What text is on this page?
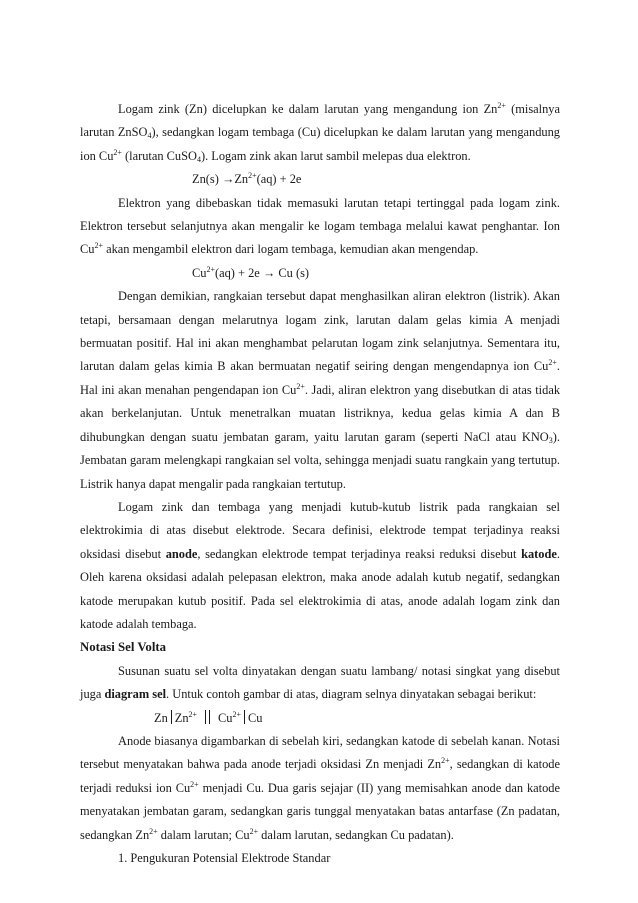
Logam zink (Zn) dicelupkan ke dalam larutan yang mengandung ion $Zn^{2+}$ (misalnya larutan ZnSO$_4$), sedangkan logam tembaga (Cu) dicelupkan ke dalam larutan yang mengandung ion $Cu^{2+}$ (larutan CuSO$_4$). Logam zink akan larut sambil melepas dua elektron.

$Zn(s) \to Zn^{2+}(aq) + 2e$

Elektron yang dibebaskan tidak memasuki larutan tetapi tertinggal pada logam zink. Elektron tersebut selanjutnya akan mengalir ke logam tembaga melalui kawat penghantar. Ion $Cu^{2+}$ akan mengambil elektron dari logam tembaga, kemudian akan mengendap.

$Cu^{2+}(aq) + 2e \to Cu$ (s)

Dengan demikian, rangkaian tersebut dapat menghasilkan aliran elektron (listrik). Akan tetapi, bersamaan dengan melarutnya logam zink, larutan dalam gelas kimia A menjadi bermuatan positif. Hal ini akan menghambat pelarutan logam zink selanjutnya. Sementara itu, larutan dalam gelas kimia B akan bermuatan negatif seiring dengan mengendapnya ion $Cu^{2+}$. Hal ini akan menahan pengendapan ion $Cu^{2+}$. Jadi, aliran elektron yang disebutkan di atas tidak akan berkelanjutan. Untuk menetralkan muatan listriknya, kedua gelas kimia A dan B dihubungkan dengan suatu jembatan garam, yaitu larutan garam (seperti NaCl atau $KNO_3$). Jembatan garam melengkapi rangkaian sel volta, sehingga menjadi suatu rangkain yang tertutup. Listrik hanya dapat mengalir pada rangkaian tertutup.

Logam zink dan tembaga yang menjadi kutub-kutub listrik pada rangkaian sel elektrokimia di atas disebut elektrode. Secara definisi, elektrode tempat terjadinya reaksi oksidasi disebut anode, sedangkan elektrode tempat terjadinya reaksi reduksi disebut katode. Oleh karena oksidasi adalah pelepasan elektron, maka anode adalah kutub negatif, sedangkan katode merupakan kutub positif. Pada sel elektrokimia di atas, anode adalah logam zink dan katode adalah tembaga.

Notasi Sel Volta

Susunan suatu sel volta dinyatakan dengan suatu lambang/ notasi singkat yang disebut juga diagram sel. Untuk contoh gambar di atas, diagram selnya dinyatakan sebagai berikut:

Zn $Zn^{2+}$ $Cu^{2+}$ Cu

Anode biasanya digambarkan di sebelah kiri, sedangkan katode di sebelah kanan. Notasi tersebut menyatakan bahwa pada anode terjadi oksidasi Zn menjadi $Zn^{2+}$, sedangkan di katode terjadi reduksi ion $Cu^{2+}$ menjadi Cu. Dua garis sejajar (II) yang memisahkan anode dan katode menyatakan jembatan garam, sedangkan garis tunggal menyatakan batas antarfase (Zn padatan, sedangkan $Zn^{2+}$ dalam larutan; $Cu^{2+}$ dalam larutan, sedangkan Cu padatan).

1. Pengukuran Potensial Elektrode Standar
